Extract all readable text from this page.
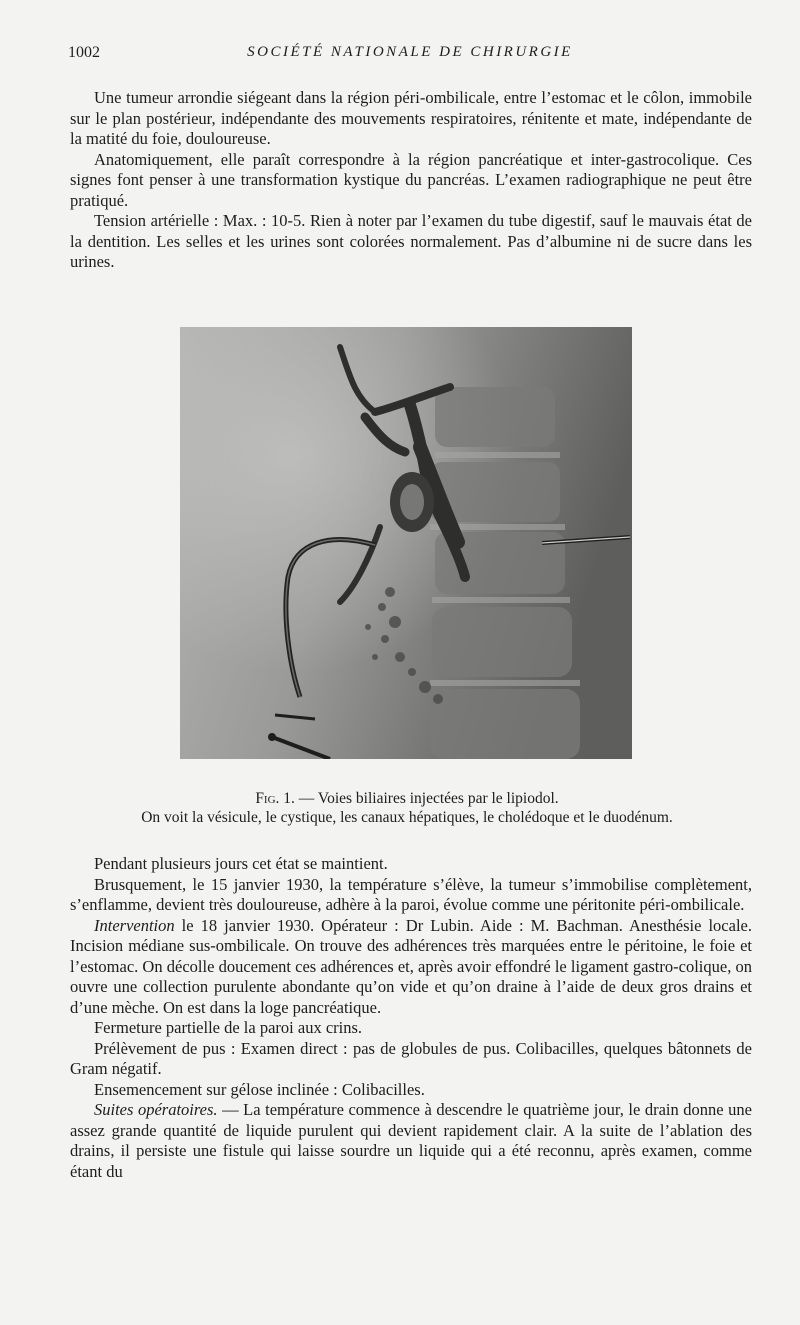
1002	SOCIÉTÉ NATIONALE DE CHIRURGIE

Une tumeur arrondie siégeant dans la région péri-ombilicale, entre l’estomac et le côlon, immobile sur le plan postérieur, indépendante des mouvements respiratoires, rénitente et mate, indépendante de la matité du foie, douloureuse.

Anatomiquement, elle paraît correspondre à la région pancréatique et inter-gastrocolique. Ces signes font penser à une transformation kystique du pancréas. L’examen radiographique ne peut être pratiqué.

Tension artérielle : Max. : 10-5. Rien à noter par l’examen du tube digestif, sauf le mauvais état de la dentition. Les selles et les urines sont colorées normalement. Pas d’albumine ni de sucre dans les urines.

Fig. 1. — Voies biliaires injectées par le lipiodol.
On voit la vésicule, le cystique, les canaux hépatiques, le cholédoque et le duodénum.

Pendant plusieurs jours cet état se maintient.

Brusquement, le 15 janvier 1930, la température s’élève, la tumeur s’immobilise complètement, s’enflamme, devient très douloureuse, adhère à la paroi, évolue comme une péritonite péri-ombilicale.

Intervention le 18 janvier 1930. Opérateur : Dr Lubin. Aide : M. Bachman. Anesthésie locale. Incision médiane sus-ombilicale. On trouve des adhérences très marquées entre le péritoine, le foie et l’estomac. On décolle doucement ces adhérences et, après avoir effondré le ligament gastro-colique, on ouvre une collection purulente abondante qu’on vide et qu’on draine à l’aide de deux gros drains et d’une mèche. On est dans la loge pancréatique.

Fermeture partielle de la paroi aux crins.

Prélèvement de pus : Examen direct : pas de globules de pus. Colibacilles, quelques bâtonnets de Gram négatif.

Ensemencement sur gélose inclinée : Colibacilles.

Suites opératoires. — La température commence à descendre le quatrième jour, le drain donne une assez grande quantité de liquide purulent qui devient rapidement clair. A la suite de l’ablation des drains, il persiste une fistule qui laisse sourdre un liquide qui a été reconnu, après examen, comme étant du
